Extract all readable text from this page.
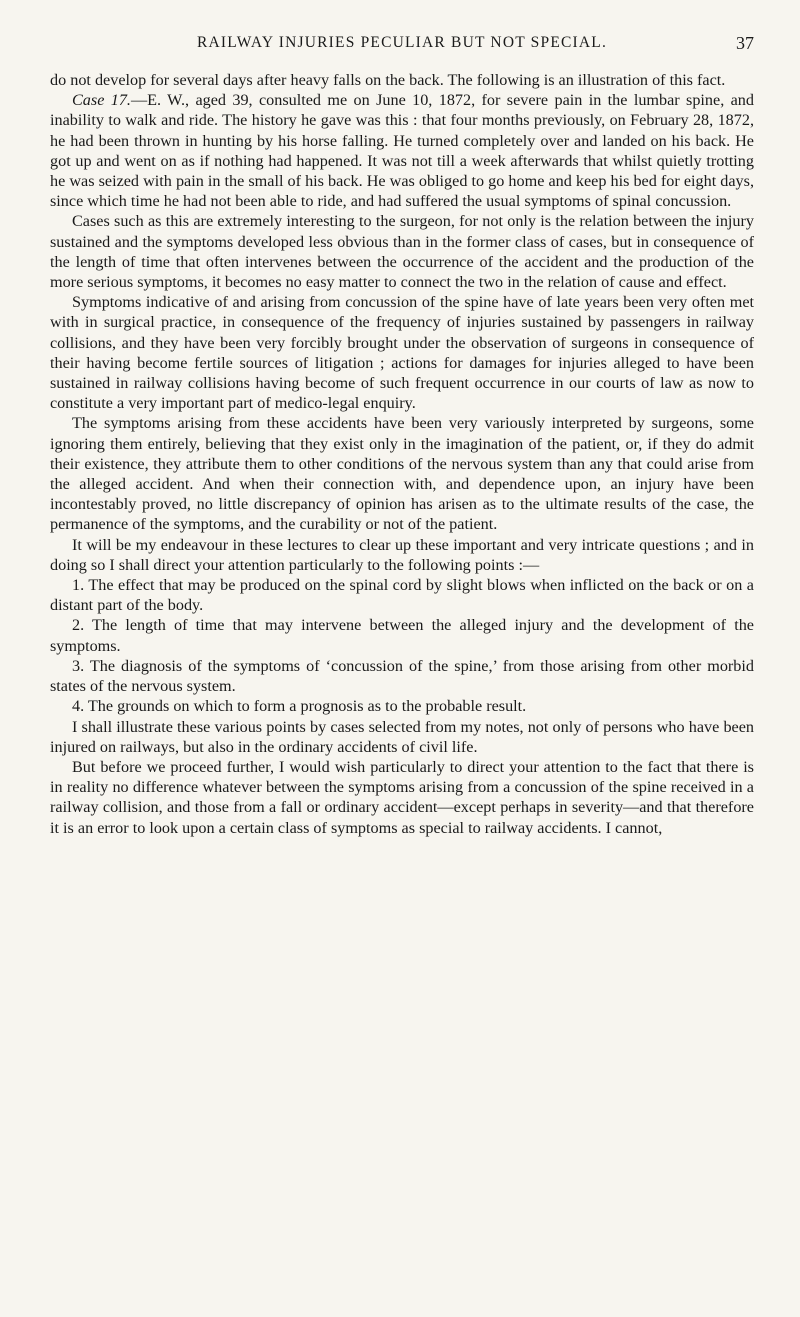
RAILWAY INJURIES PECULIAR BUT NOT SPECIAL.	37

do not develop for several days after heavy falls on the back. The following is an illustration of this fact.

Case 17.—E. W., aged 39, consulted me on June 10, 1872, for severe pain in the lumbar spine, and inability to walk and ride. The history he gave was this : that four months previously, on February 28, 1872, he had been thrown in hunting by his horse falling. He turned completely over and landed on his back. He got up and went on as if nothing had happened. It was not till a week afterwards that whilst quietly trotting he was seized with pain in the small of his back. He was obliged to go home and keep his bed for eight days, since which time he had not been able to ride, and had suffered the usual symptoms of spinal concussion.

Cases such as this are extremely interesting to the surgeon, for not only is the relation between the injury sustained and the symptoms developed less obvious than in the former class of cases, but in consequence of the length of time that often intervenes between the occurrence of the accident and the production of the more serious symptoms, it becomes no easy matter to connect the two in the relation of cause and effect.

Symptoms indicative of and arising from concussion of the spine have of late years been very often met with in surgical practice, in consequence of the frequency of injuries sustained by passengers in railway collisions, and they have been very forcibly brought under the observation of surgeons in consequence of their having become fertile sources of litigation ; actions for damages for injuries alleged to have been sustained in railway collisions having become of such frequent occurrence in our courts of law as now to constitute a very important part of medico-legal enquiry.

The symptoms arising from these accidents have been very variously interpreted by surgeons, some ignoring them entirely, believing that they exist only in the imagination of the patient, or, if they do admit their existence, they attribute them to other conditions of the nervous system than any that could arise from the alleged accident. And when their connection with, and dependence upon, an injury have been incontestably proved, no little discrepancy of opinion has arisen as to the ultimate results of the case, the permanence of the symptoms, and the curability or not of the patient.

It will be my endeavour in these lectures to clear up these important and very intricate questions ; and in doing so I shall direct your attention particularly to the following points :—

1. The effect that may be produced on the spinal cord by slight blows when inflicted on the back or on a distant part of the body.

2. The length of time that may intervene between the alleged injury and the development of the symptoms.

3. The diagnosis of the symptoms of ‘concussion of the spine,’ from those arising from other morbid states of the nervous system.

4. The grounds on which to form a prognosis as to the probable result.

I shall illustrate these various points by cases selected from my notes, not only of persons who have been injured on railways, but also in the ordinary accidents of civil life.

But before we proceed further, I would wish particularly to direct your attention to the fact that there is in reality no difference whatever between the symptoms arising from a concussion of the spine received in a railway collision, and those from a fall or ordinary accident—except perhaps in severity—and that therefore it is an error to look upon a certain class of symptoms as special to railway accidents. I cannot,
